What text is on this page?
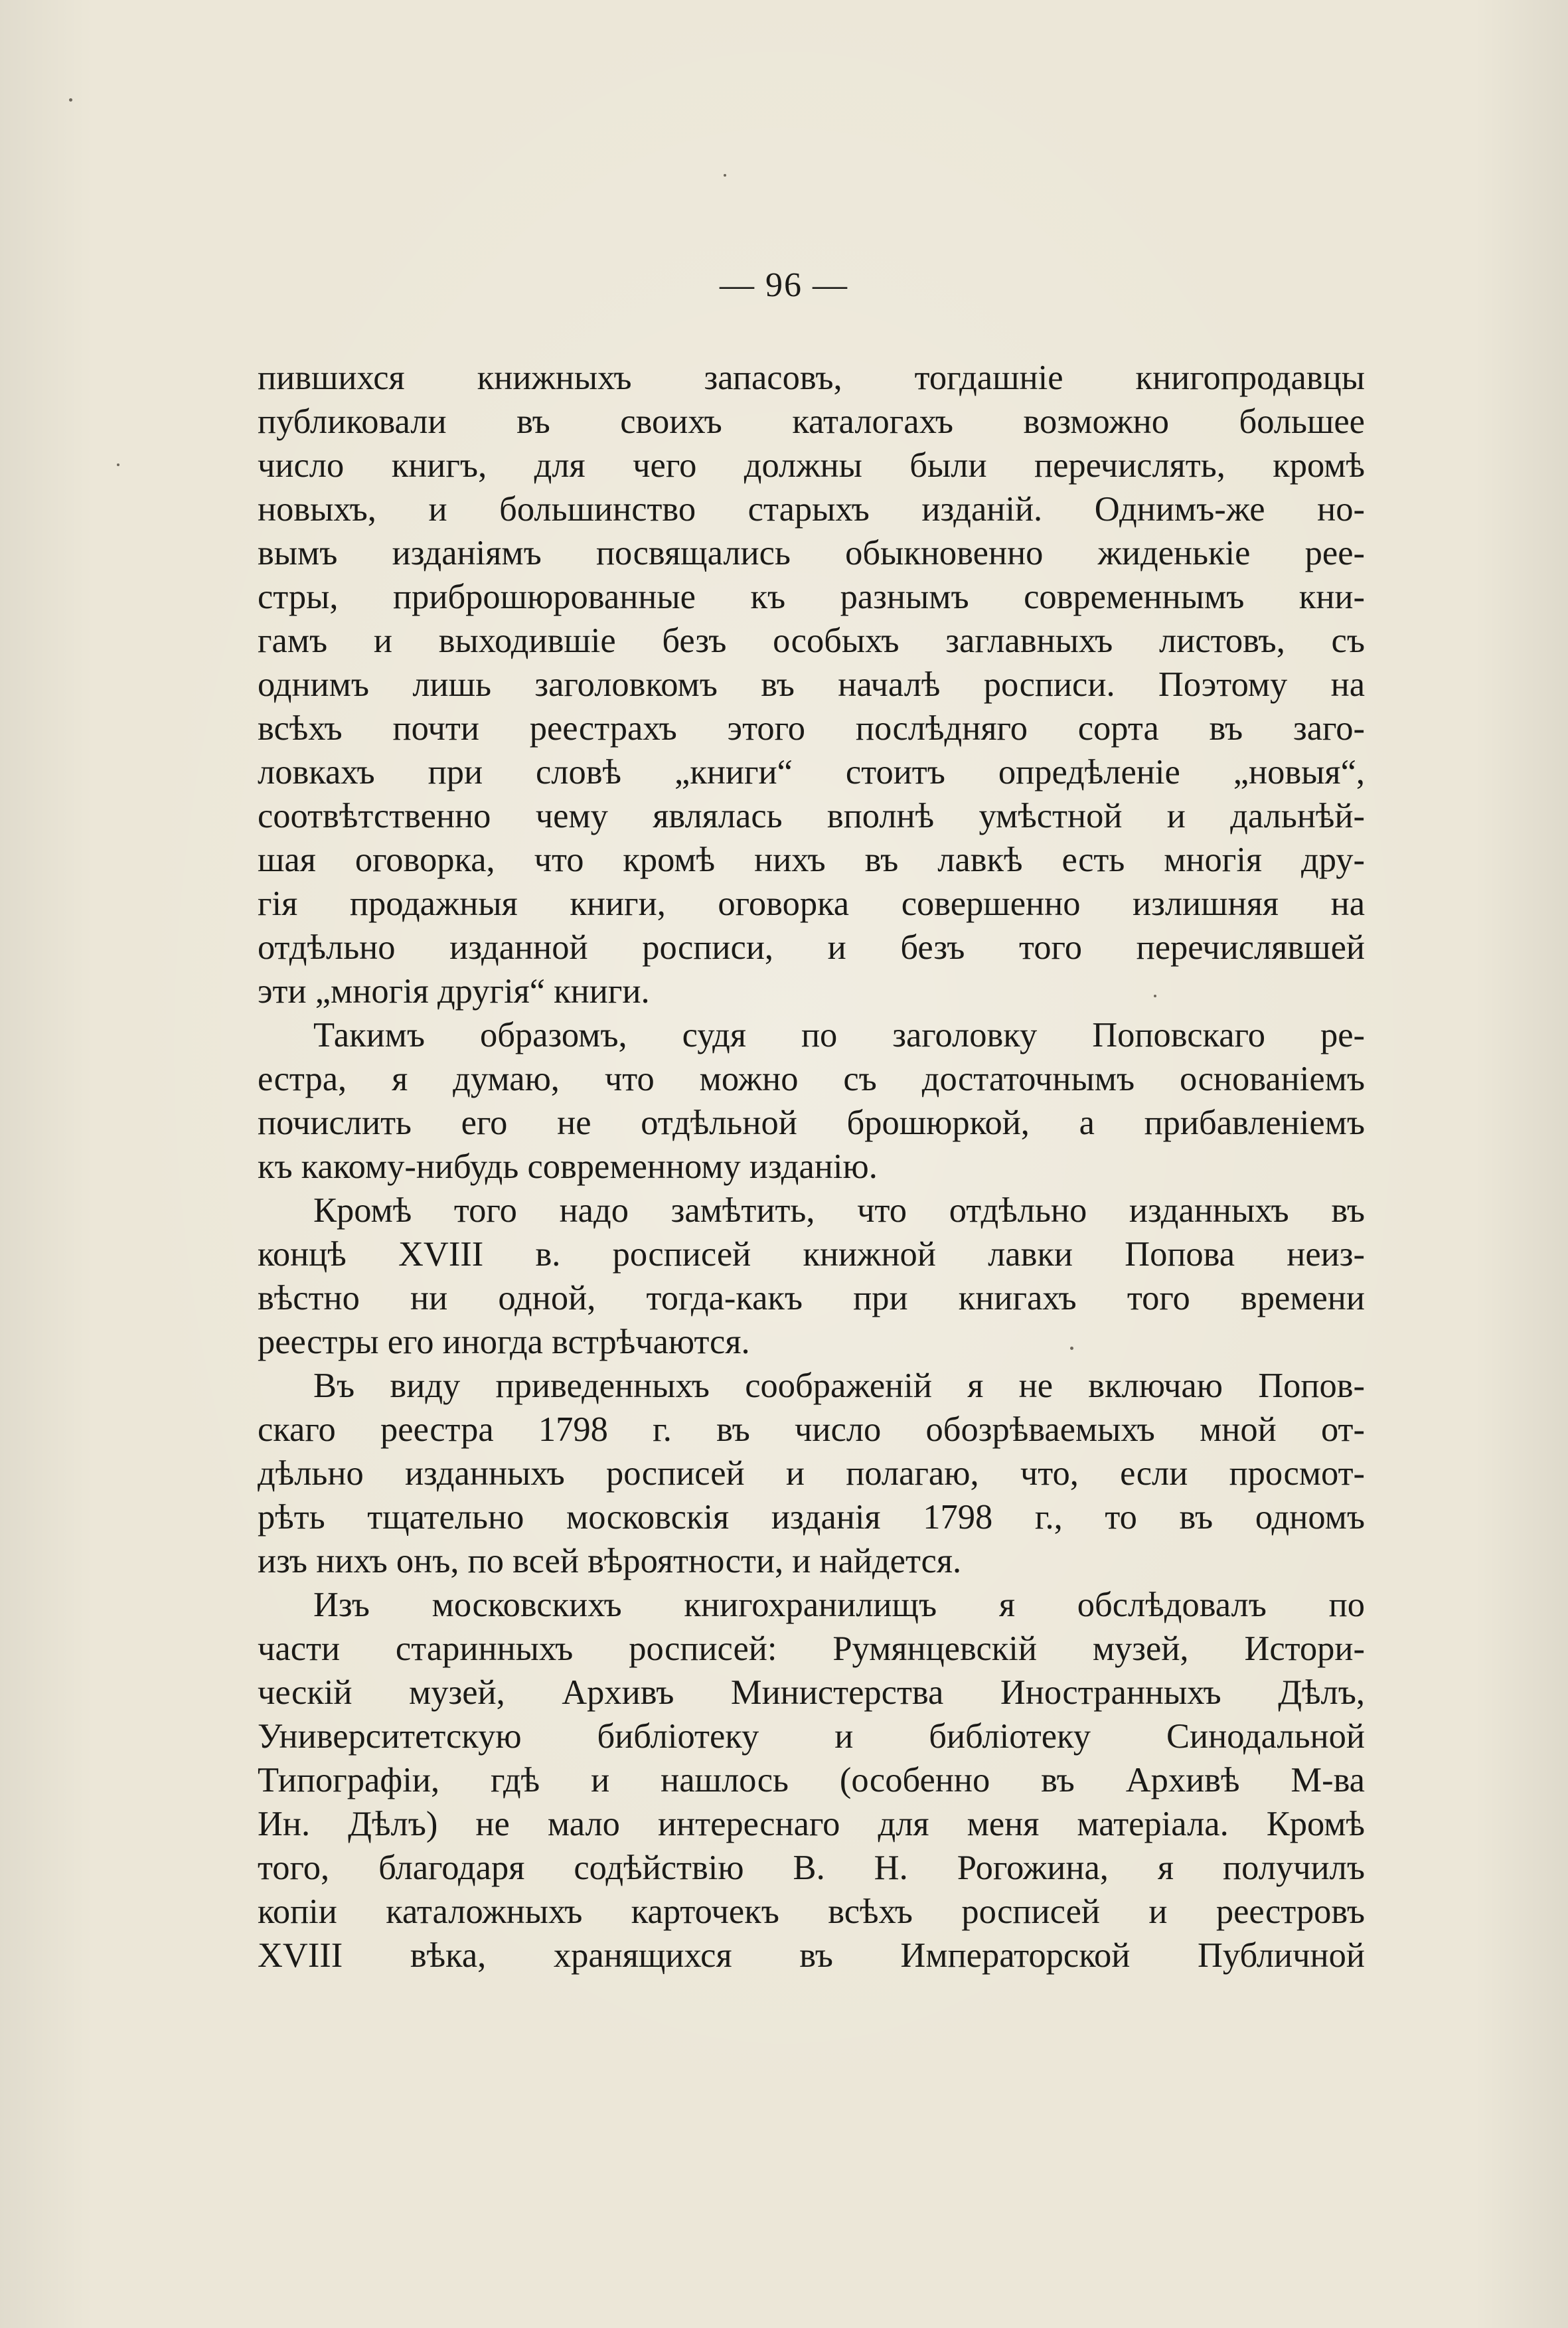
— 96 —
пившихся книжныхъ запасовъ, тогдашніе книгопродавцы
публиковали въ своихъ каталогахъ возможно большее
число книгъ, для чего должны были перечислять, кромѣ
новыхъ, и большинство старыхъ изданій. Однимъ-же но-
вымъ изданіямъ посвящались обыкновенно жиденькіе рее-
стры, приброшюрованные къ разнымъ современнымъ кни-
гамъ и выходившіе безъ особыхъ заглавныхъ листовъ, съ
однимъ лишь заголовкомъ въ началѣ росписи. Поэтому на
всѣхъ почти реестрахъ этого послѣдняго сорта въ заго-
ловкахъ при словѣ „книги“ стоитъ опредѣленіе „новыя“,
соотвѣтственно чему являлась вполнѣ умѣстной и дальнѣй-
шая оговорка, что кромѣ нихъ въ лавкѣ есть многія дру-
гія продажныя книги, оговорка совершенно излишняя на
отдѣльно изданной росписи, и безъ того перечислявшей
эти „многія другія“ книги.
Такимъ образомъ, судя по заголовку Поповскаго ре-
естра, я думаю, что можно съ достаточнымъ основаніемъ
почислить его не отдѣльной брошюркой, а прибавленіемъ
къ какому-нибудь современному изданію.
Кромѣ того надо замѣтить, что отдѣльно изданныхъ въ
концѣ XVIII в. росписей книжной лавки Попова неиз-
вѣстно ни одной, тогда-какъ при книгахъ того времени
реестры его иногда встрѣчаются.
Въ виду приведенныхъ соображеній я не включаю Попов-
скаго реестра 1798 г. въ число обозрѣваемыхъ мной от-
дѣльно изданныхъ росписей и полагаю, что, если просмот-
рѣть тщательно московскія изданія 1798 г., то въ одномъ
изъ нихъ онъ, по всей вѣроятности, и найдется.
Изъ московскихъ книгохранилищъ я обслѣдовалъ по
части старинныхъ росписей: Румянцевскій музей, Истори-
ческій музей, Архивъ Министерства Иностранныхъ Дѣлъ,
Университетскую библіотеку и библіотеку Синодальной
Типографіи, гдѣ и нашлось (особенно въ Архивѣ М-ва
Ин. Дѣлъ) не мало интереснаго для меня матеріала. Кромѣ
того, благодаря содѣйствію В. Н. Рогожина, я получилъ
копіи каталожныхъ карточекъ всѣхъ росписей и реестровъ
XVIII вѣка, хранящихся въ Императорской Публичной
